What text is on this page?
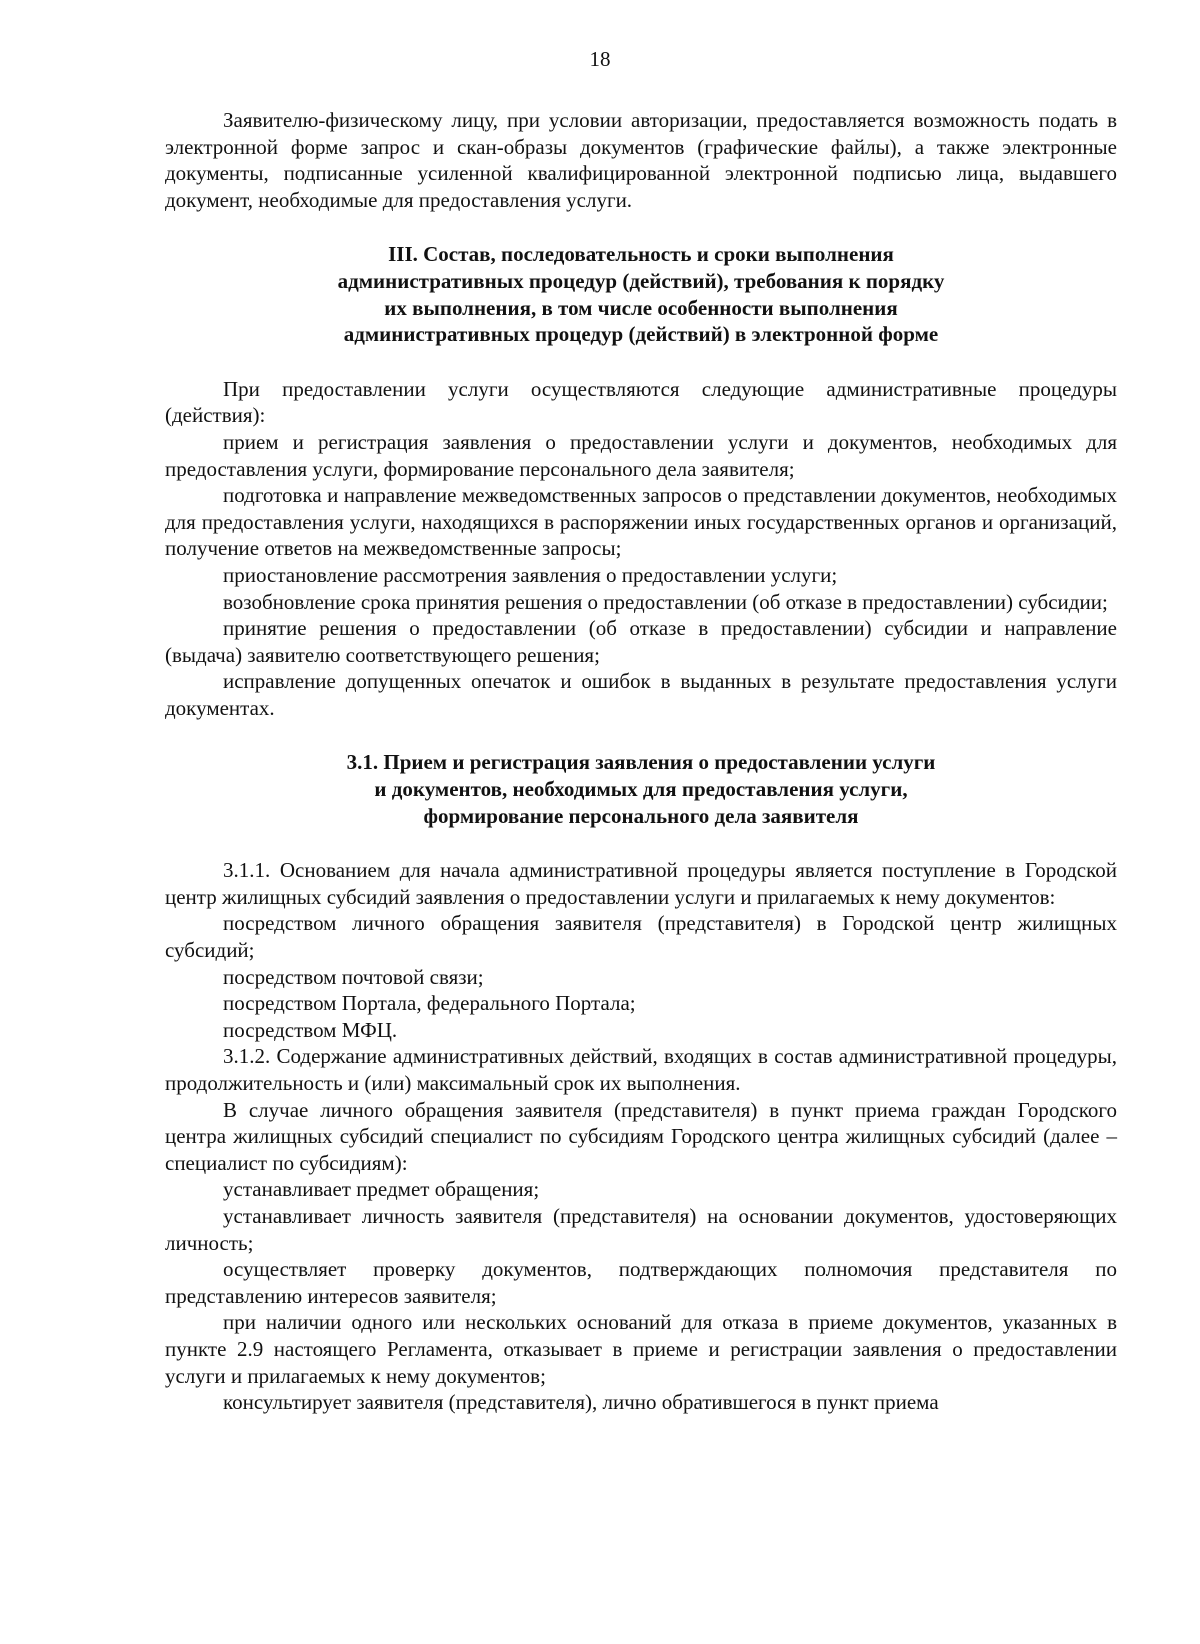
18

Заявителю-физическому лицу, при условии авторизации, предоставляется возможность подать в электронной форме запрос и скан-образы документов (графические файлы), а также электронные документы, подписанные усиленной квалифицированной электронной подписью лица, выдавшего документ, необходимые для предоставления услуги.

III. Состав, последовательность и сроки выполнения

административных процедур (действий), требования к порядку

их выполнения, в том числе особенности выполнения

административных процедур (действий) в электронной форме

При предоставлении услуги осуществляются следующие административные процедуры (действия):

прием и регистрация заявления о предоставлении услуги и документов, необходимых для предоставления услуги, формирование персонального дела заявителя;

подготовка и направление межведомственных запросов о представлении документов, необходимых для предоставления услуги, находящихся в распоряжении иных государственных органов и организаций, получение ответов на межведомственные запросы;

приостановление рассмотрения заявления о предоставлении услуги;

возобновление срока принятия решения о предоставлении (об отказе в предоставлении) субсидии;

принятие решения о предоставлении (об отказе в предоставлении) субсидии и направление (выдача) заявителю соответствующего решения;

исправление допущенных опечаток и ошибок в выданных в результате предоставления услуги документах.

3.1. Прием и регистрация заявления о предоставлении услуги

и документов, необходимых для предоставления услуги,

формирование персонального дела заявителя

3.1.1. Основанием для начала административной процедуры является поступление в Городской центр жилищных субсидий заявления о предоставлении услуги и прилагаемых к нему документов:

посредством личного обращения заявителя (представителя) в Городской центр жилищных субсидий;

посредством почтовой связи;

посредством Портала, федерального Портала;

посредством МФЦ.

3.1.2. Содержание административных действий, входящих в состав административной процедуры, продолжительность и (или) максимальный срок их выполнения.

В случае личного обращения заявителя (представителя) в пункт приема граждан Городского центра жилищных субсидий специалист по субсидиям Городского центра жилищных субсидий (далее – специалист по субсидиям):

устанавливает предмет обращения;

устанавливает личность заявителя (представителя) на основании документов, удостоверяющих личность;

осуществляет проверку документов, подтверждающих полномочия представителя по представлению интересов заявителя;

при наличии одного или нескольких оснований для отказа в приеме документов, указанных в пункте 2.9 настоящего Регламента, отказывает в приеме и регистрации заявления о предоставлении услуги и прилагаемых к нему документов;

консультирует заявителя (представителя), лично обратившегося в пункт приема
